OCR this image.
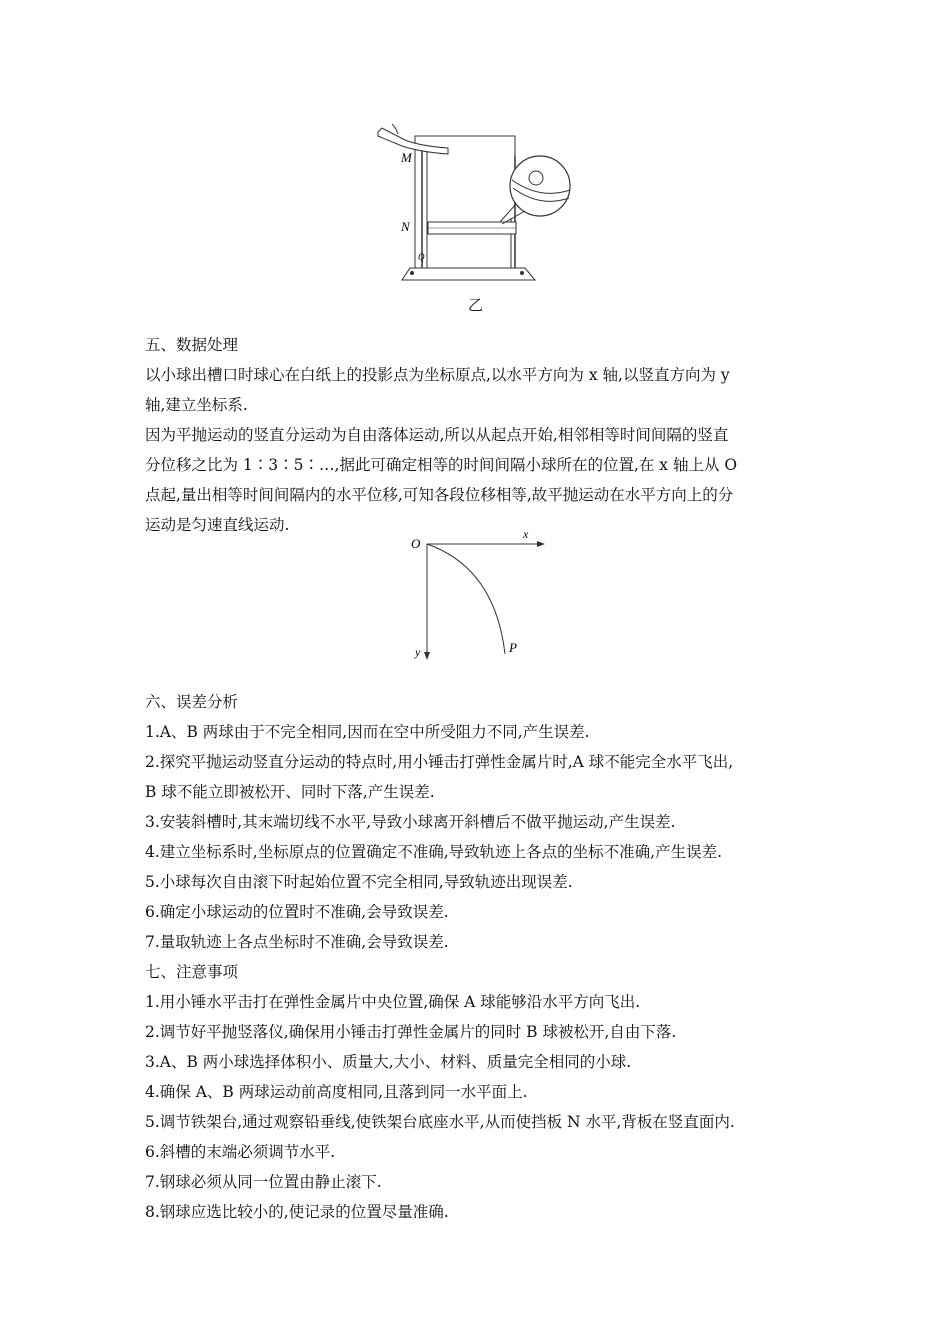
M
N
Q
乙
五、数据处理
以小球出槽口时球心在白纸上的投影点为坐标原点,以水平方向为 x 轴,以竖直方向为 y
轴,建立坐标系.
因为平抛运动的竖直分运动为自由落体运动,所以从起点开始,相邻相等时间间隔的竖直
分位移之比为 1∶3∶5∶…,据此可确定相等的时间间隔小球所在的位置,在 x 轴上从 O
点起,量出相等时间间隔内的水平位移,可知各段位移相等,故平抛运动在水平方向上的分
运动是匀速直线运动.
O
x
y	P
六、误差分析
1.A、B 两球由于不完全相同,因而在空中所受阻力不同,产生误差.
2.探究平抛运动竖直分运动的特点时,用小锤击打弹性金属片时,A 球不能完全水平飞出,
B 球不能立即被松开、同时下落,产生误差.
3.安装斜槽时,其末端切线不水平,导致小球离开斜槽后不做平抛运动,产生误差.
4.建立坐标系时,坐标原点的位置确定不准确,导致轨迹上各点的坐标不准确,产生误差.
5.小球每次自由滚下时起始位置不完全相同,导致轨迹出现误差.
6.确定小球运动的位置时不准确,会导致误差.
7.量取轨迹上各点坐标时不准确,会导致误差.
七、注意事项
1.用小锤水平击打在弹性金属片中央位置,确保 A 球能够沿水平方向飞出.
2.调节好平抛竖落仪,确保用小锤击打弹性金属片的同时 B 球被松开,自由下落.
3.A、B 两小球选择体积小、质量大,大小、材料、质量完全相同的小球.
4.确保 A、B 两球运动前高度相同,且落到同一水平面上.
5.调节铁架台,通过观察铅垂线,使铁架台底座水平,从而使挡板 N 水平,背板在竖直面内.
6.斜槽的末端必须调节水平.
7.钢球必须从同一位置由静止滚下.
8.钢球应选比较小的,使记录的位置尽量准确.
